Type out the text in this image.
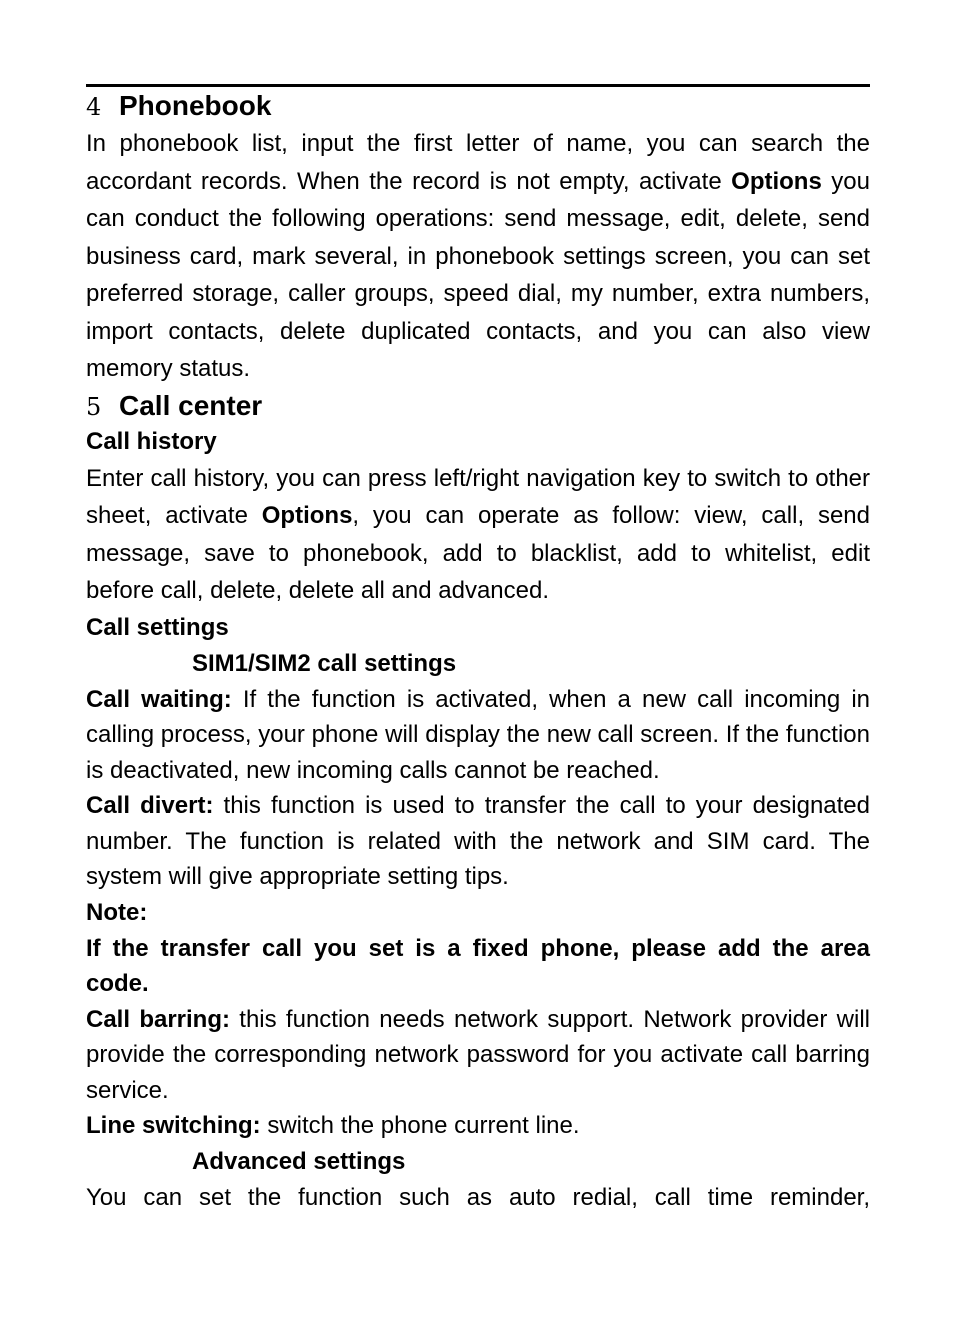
4 Phonebook

In phonebook list, input the first letter of name, you can search the accordant records. When the record is not empty, activate Options you can conduct the following operations: send message, edit, delete, send business card, mark several, in phonebook settings screen, you can set preferred storage, caller groups, speed dial, my number, extra numbers, import contacts, delete duplicated contacts, and you can also view memory status.

5 Call center
Call history

Enter call history, you can press left/right navigation key to switch to other sheet, activate Options, you can operate as follow: view, call, send message, save to phonebook, add to blacklist, add to whitelist, edit before call, delete, delete all and advanced.

Call settings
SIM1/SIM2 call settings

Call waiting: If the function is activated, when a new call incoming in calling process, your phone will display the new call screen. If the function is deactivated, new incoming calls cannot be reached.

Call divert: this function is used to transfer the call to your designated number. The function is related with the network and SIM card. The system will give appropriate setting tips.

Note:

If the transfer call you set is a fixed phone, please add the area code.

Call barring: this function needs network support. Network provider will provide the corresponding network password for you activate call barring service.

Line switching: switch the phone current line.

Advanced settings

You can set the function such as auto redial, call time reminder,
